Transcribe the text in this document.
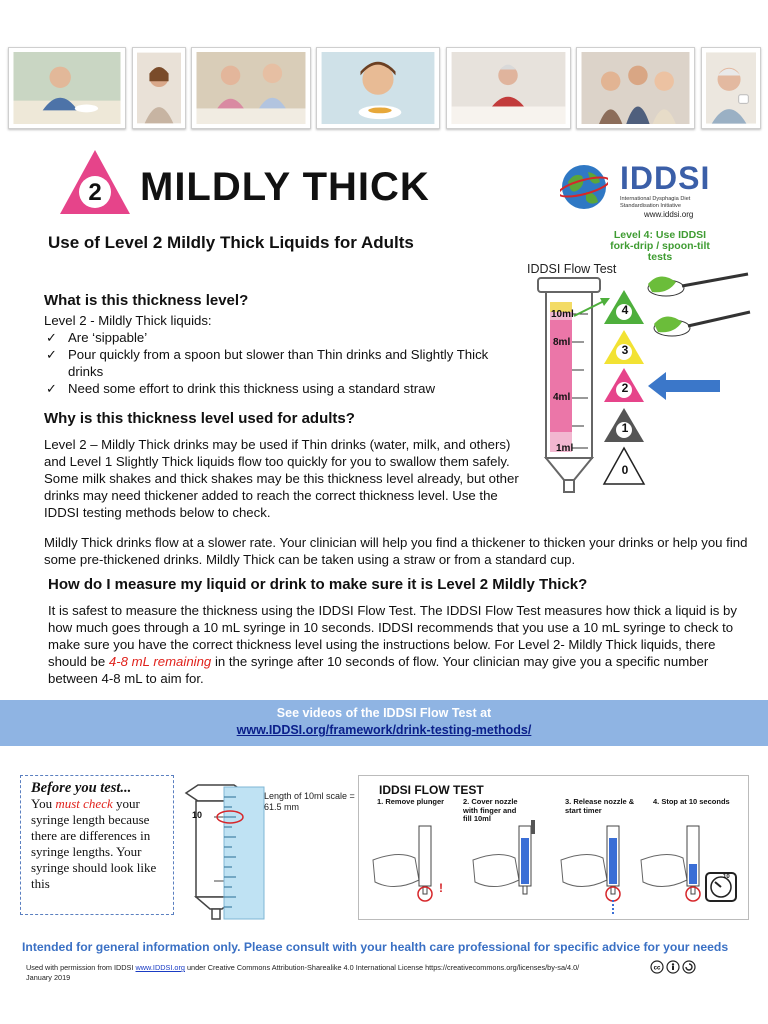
2 MILDLY THICK	IDDSI
International Dysphagia Diet Standardisation Initiative
www.iddsi.org
Use of Level 2 Mildly Thick Liquids for Adults	Level 4: Use IDDSI fork-drip / spoon-tilt tests
IDDSI Flow Test
10ml
8ml
4ml
1ml
4
3
2
1
0
What is this thickness level?
Level 2 - Mildly Thick liquids:
✓ Are ‘sippable’
✓ Pour quickly from a spoon but slower than Thin drinks and Slightly Thick drinks
✓ Need some effort to drink this thickness using a standard straw
Why is this thickness level used for adults?
Level 2 – Mildly Thick drinks may be used if Thin drinks (water, milk, and others) and Level 1 Slightly Thick liquids flow too quickly for you to swallow them safely. Some milk shakes and thick shakes may be this thickness level already, but other drinks may need thickener added to reach the correct thickness level. Use the IDDSI testing methods below to check.
Mildly Thick drinks flow at a slower rate. Your clinician will help you find a thickener to thicken your drinks or help you find some pre-thickened drinks. Mildly Thick can be taken using a straw or from a standard cup.
How do I measure my liquid or drink to make sure it is Level 2 Mildly Thick?
It is safest to measure the thickness using the IDDSI Flow Test. The IDDSI Flow Test measures how thick a liquid is by how much goes through a 10 mL syringe in 10 seconds. IDDSI recommends that you use a 10 mL syringe to check to make sure you have the correct thickness level using the instructions below. For Level 2- Mildly Thick liquids, there should be 4-8 mL remaining in the syringe after 10 seconds of flow. Your clinician may give you a specific number between 4-8 mL to aim for.
See videos of the IDDSI Flow Test at
www.IDDSI.org/framework/drink-testing-methods/
Before you test...
You must check your syringe length because there are differences in syringe lengths. Your syringe should look like this
10
Length of 10ml scale = 61.5 mm
IDDSI FLOW TEST
1. Remove plunger	2. Cover nozzle with finger and fill 10ml
3. Release nozzle & start timer
4. Stop at 10 seconds
!
10
Intended for general information only. Please consult with your health care professional for specific advice for your needs
Used with permission from IDDSI www.IDDSI.org under Creative Commons Attribution-Sharealike 4.0 International License https://creativecommons.org/licenses/by-sa/4.0/
January 2019
cc
